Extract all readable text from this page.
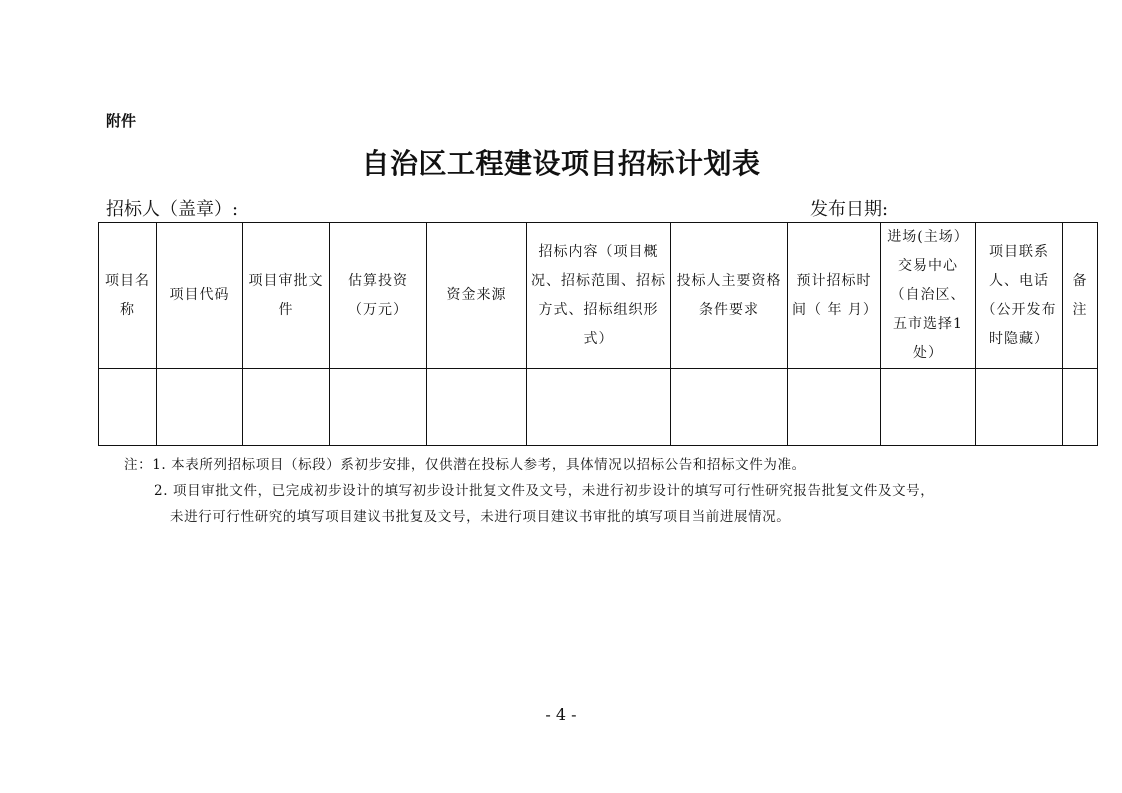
附件
自治区工程建设项目招标计划表
招标人（盖章）:	发布日期:
项目名称	项目代码	项目审批文件	估算投资（万元）	资金来源	招标内容（项目概况、招标范围、招标方式、招标组织形式）	投标人主要资格条件要求	预计招标时间（ 年 月）	进场(主场）交易中心（自治区、五市选择1处）	项目联系人、电话（公开发布时隐藏）	备注

注：1. 本表所列招标项目（标段）系初步安排，仅供潜在投标人参考，具体情况以招标公告和招标文件为准。
2. 项目审批文件，已完成初步设计的填写初步设计批复文件及文号，未进行初步设计的填写可行性研究报告批复文件及文号，
未进行可行性研究的填写项目建议书批复及文号，未进行项目建议书审批的填写项目当前进展情况。
- 4 -
